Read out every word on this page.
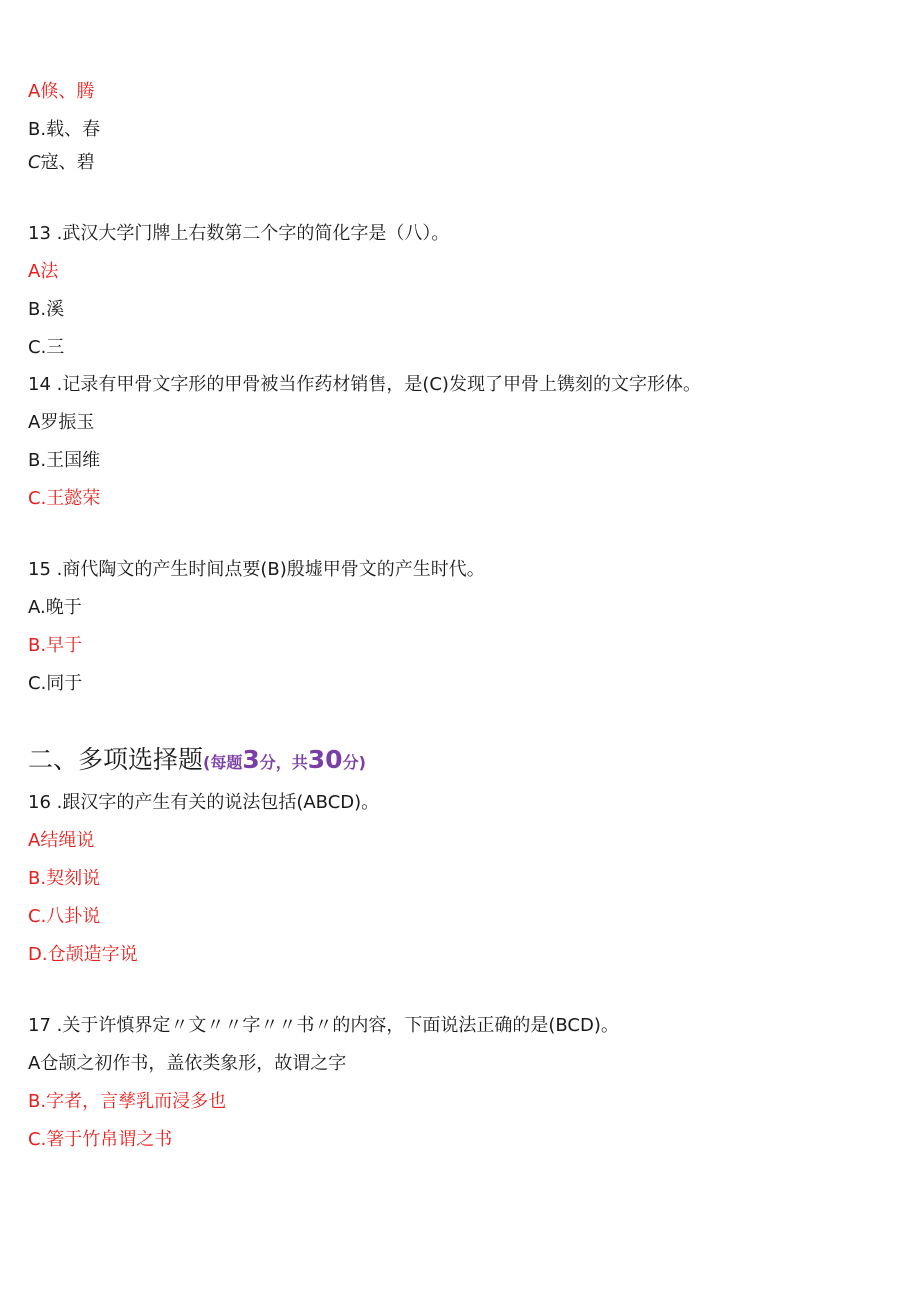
A倏、腾
B.载、春
C寇、碧
13 .武汉大学门牌上右数第二个字的简化字是（八）。
A法
B.溪
C.三
14 .记录有甲骨文字形的甲骨被当作药材销售，是(C)发现了甲骨上镌刻的文字形体。
A罗振玉
B.王国维
C.王懿荣
15 .商代陶文的产生时间点要(B)殷墟甲骨文的产生时代。
A.晚于
B.早于
C.同于
二、多项选择题(每题3分，共30分)
16 .跟汉字的产生有关的说法包括(ABCD)。
A结绳说
B.契刻说
C.八卦说
D.仓颉造字说
17 .关于许慎界定〃文〃〃字〃〃书〃的内容，下面说法正确的是(BCD)。
A仓颉之初作书，盖依类象形，故谓之字
B.字者，言孳乳而浸多也
C.箸于竹帛谓之书
